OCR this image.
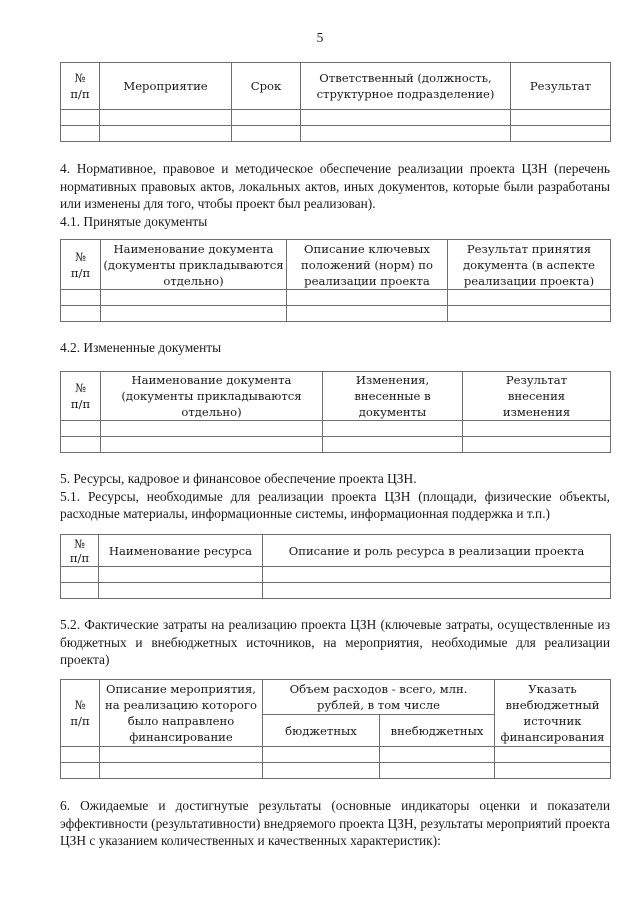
5
№ п/п	Мероприятие	Срок	Ответственный (должность, структурное подразделение)	Результат

4. Нормативное, правовое и методическое обеспечение реализации проекта ЦЗН (перечень нормативных правовых актов, локальных актов, иных документов, которые были разработаны или изменены для того, чтобы проект был реализован).

4.1. Принятые документы

№ п/п	Наименование документа (документы прикладываются отдельно)	Описание ключевых положений (норм) по реализации проекта	Результат принятия документа (в аспекте реализации проекта)

4.2. Измененные документы

№ п/п	Наименование документа (документы прикладываются отдельно)	Изменения, внесенные в документы	Результат внесения изменения

5. Ресурсы, кадровое и финансовое обеспечение проекта ЦЗН.

5.1. Ресурсы, необходимые для реализации проекта ЦЗН (площади, физические объекты, расходные материалы, информационные системы, информационная поддержка и т.п.)

№ п/п	Наименование ресурса	Описание и роль ресурса в реализации проекта

5.2. Фактические затраты на реализацию проекта ЦЗН (ключевые затраты, осуществленные из бюджетных и внебюджетных источников, на мероприятия, необходимые для реализации проекта)

№ п/п	Описание мероприятия, на реализацию которого было направлено финансирование	Объем расходов - всего, млн. рублей, в том числе		Указать внебюджетный источник финансирования

		бюджетных	внебюджетных	

6. Ожидаемые и достигнутые результаты (основные индикаторы оценки и показатели эффективности (результативности) внедряемого проекта ЦЗН, результаты мероприятий проекта ЦЗН с указанием количественных и качественных характеристик):
